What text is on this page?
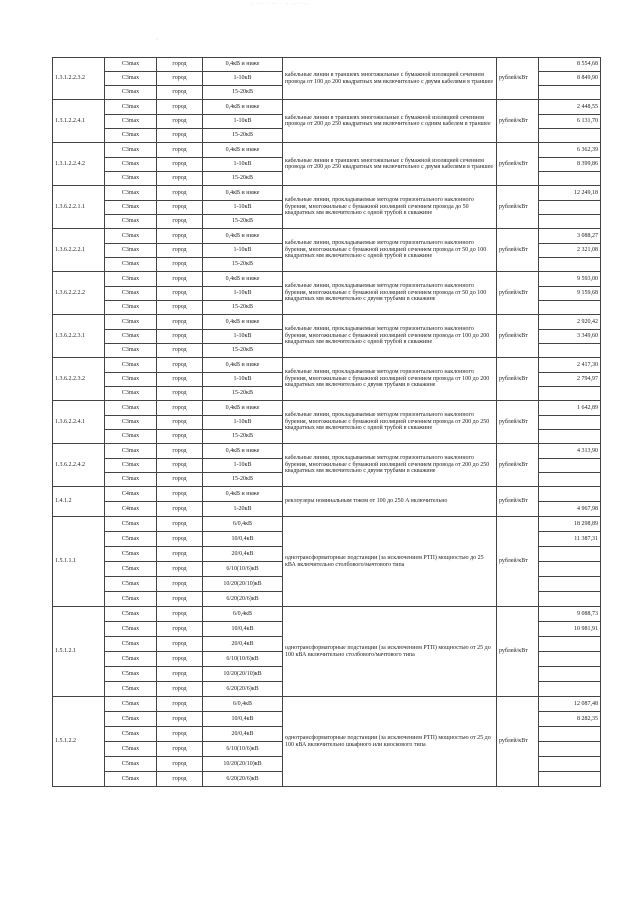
.: ··· '··· · ·· .·'··.·
·
·
1.3.1.2.2.3.2	C3max	город	0,4кВ и ниже	кабельные линии в траншеях многожильные с бумажной изоляцией сечением провода от 100 до 200 квадратных мм включительно с двумя кабелями в траншее	рублей/кВт	8 554,68
	C3max	город	1-10кВ			8 849,90
	C3max	город	15-20кВ			
1.3.1.2.2.4.1	C3max	город	0,4кВ и ниже	кабельные линии в траншеях многожильные с бумажной изоляцией сечением провода от 200 до 250 квадратных мм включительно с одним кабелем в траншее	рублей/кВт	2 448,55
	C3max	город	1-10кВ			6 131,70
	C3max	город	15-20кВ			
1.3.1.2.2.4.2	C3max	город	0,4кВ и ниже	кабельные линии в траншеях многожильные с бумажной изоляцией сечением провода от 200 до 250 квадратных мм включительно с двумя кабелями в траншее	рублей/кВт	6 362,39
	C3max	город	1-10кВ			8 399,86
	C3max	город	15-20кВ			
1.3.6.2.2.1.1	C3max	город	0,4кВ и ниже	кабельные линии, прокладываемые методом горизонтального наклонного бурения, многожильные с бумажной изоляцией сечением провода до 50 квадратных мм включительно с одной трубой в скважине	рублей/кВт	12 249,18
	C3max	город	1-10кВ			
	C3max	город	15-20кВ			
1.3.6.2.2.2.1	C3max	город	0,4кВ и ниже	кабельные линии, прокладываемые методом горизонтального наклонного бурения, многожильные с бумажной изоляцией сечением провода от 50 до 100 квадратных мм включительно с одной трубой в скважине	рублей/кВт	3 088,27
	C3max	город	1-10кВ			2 321,08
	C3max	город	15-20кВ			
1.3.6.2.2.2.2	C3max	город	0,4кВ и ниже	кабельные линии, прокладываемые методом горизонтального наклонного бурения, многожильные с бумажной изоляцией сечением провода от 50 до 100 квадратных мм включительно с двумя трубами в скважине	рублей/кВт	9 593,00
	C3max	город	1-10кВ			9 159,68
	C3max	город	15-20кВ			
1.3.6.2.2.3.1	C3max	город	0,4кВ и ниже	кабельные линии, прокладываемые методом горизонтального наклонного бурения, многожильные с бумажной изоляцией сечением провода от 100 до 200 квадратных мм включительно с одной трубой в скважине	рублей/кВт	2 920,42
	C3max	город	1-10кВ			3 349,60
	C3max	город	15-20кВ			
1.3.6.2.2.3.2	C3max	город	0,4кВ и ниже	кабельные линии, прокладываемые методом горизонтального наклонного бурения, многожильные с бумажной изоляцией сечением провода от 100 до 200 квадратных мм включительно с двумя трубами в скважине	рублей/кВт	2 417,30
	C3max	город	1-10кВ			2 794,97
	C3max	город	15-20кВ			
1.3.6.2.2.4.1	C3max	город	0,4кВ и ниже	кабельные линии, прокладываемые методом горизонтального наклонного бурения, многожильные с бумажной изоляцией сечением провода от 200 до 250 квадратных мм включительно с одной трубой в скважине	рублей/кВт	1 642,89
	C3max	город	1-10кВ			
	C3max	город	15-20кВ			
1.3.6.2.2.4.2	C3max	город	0,4кВ и ниже	кабельные линии, прокладываемые методом горизонтального наклонного бурения, многожильные с бумажной изоляцией сечением провода от 200 до 250 квадратных мм включительно с двумя трубами в скважине	рублей/кВт	4 313,90
	C3max	город	1-10кВ			
	C3max	город	15-20кВ			
1.4.1.2	C4max	город	0,4кВ и ниже	реклоузеры номинальным током от 100 до 250 А включительно	рублей/кВт	
	C4max	город	1-20кВ			4 967,98
1.5.1.1.1	C5max	город	6/0,4кВ	однотрансформаторные подстанции (за исключением РТП) мощностью до 25 кВА включительно столбового/мачтового типа	рублей/кВт	18 298,89
	C5max	город	10/0,4кВ			11 387,31
	C5max	город	20/0,4кВ			
	C5max	город	6/10(10/6)кВ			
	C5max	город	10/20(20/10)кВ			
	C5max	город	6/20(20/6)кВ			
1.5.1.2.1	C5max	город	6/0,4кВ	однотрансформаторные подстанции (за исключением РТП) мощностью от 25 до 100 кВА включительно столбового/мачтового типа	рублей/кВт	9 088,73
	C5max	город	10/0,4кВ			10 981,91
	C5max	город	20/0,4кВ			
	C5max	город	6/10(10/6)кВ			
	C5max	город	10/20(20/10)кВ			
	C5max	город	6/20(20/6)кВ			
1.5.1.2.2	C5max	город	6/0,4кВ	однотрансформаторные подстанции (за исключением РТП) мощностью от 25 до 100 кВА включительно шкафного или киоскового типа	рублей/кВт	12 087,48
	C5max	город	10/0,4кВ			8 282,35
	C5max	город	20/0,4кВ			
	C5max	город	6/10(10/6)кВ			
	C5max	город	10/20(20/10)кВ			
	C5max	город	6/20(20/6)кВ			
